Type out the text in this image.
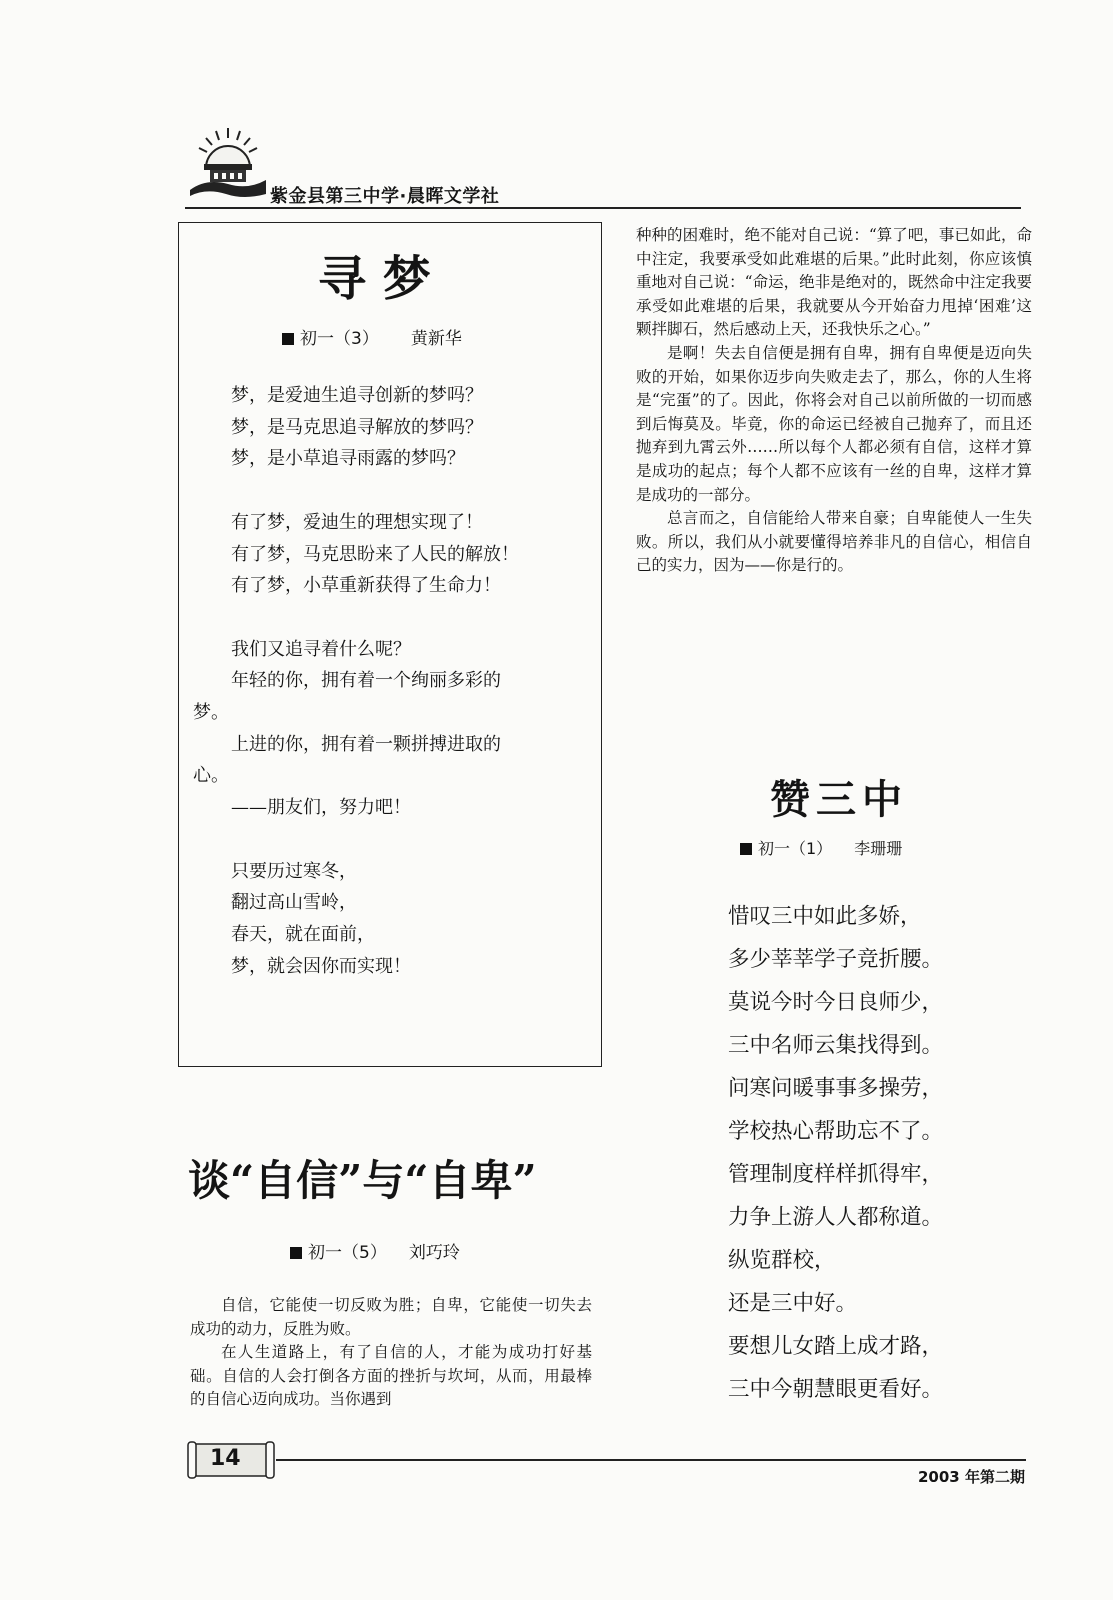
紫金县第三中学·晨晖文学社
寻 梦
初一（3） 黄新华

梦，是爱迪生追寻创新的梦吗？

梦，是马克思追寻解放的梦吗？

梦，是小草追寻雨露的梦吗？

有了梦，爱迪生的理想实现了！

有了梦，马克思盼来了人民的解放！

有了梦，小草重新获得了生命力！

我们又追寻着什么呢？

年轻的你，拥有着一个绚丽多彩的

梦。

上进的你，拥有着一颗拼搏进取的

心。

——朋友们，努力吧！

只要历过寒冬，

翻过高山雪岭，

春天，就在面前，

梦，就会因你而实现！

谈“自信”与“自卑”
初一（5） 刘巧玲

自信，它能使一切反败为胜；自卑，它能使一切失去成功的动力，反胜为败。

在人生道路上，有了自信的人，才能为成功打好基础。自信的人会打倒各方面的挫折与坎坷，从而，用最棒的自信心迈向成功。当你遇到

种种的困难时，绝不能对自己说：“算了吧，事已如此，命中注定，我要承受如此难堪的后果。”此时此刻，你应该慎重地对自己说：“命运，绝非是绝对的，既然命中注定我要承受如此难堪的后果，我就要从今开始奋力甩掉‘困难’这颗拌脚石，然后感动上天，还我快乐之心。”

是啊！失去自信便是拥有自卑，拥有自卑便是迈向失败的开始，如果你迈步向失败走去了，那么，你的人生将是“完蛋”的了。因此，你将会对自己以前所做的一切而感到后悔莫及。毕竟，你的命运已经被自己抛弃了，而且还抛弃到九霄云外……所以每个人都必须有自信，这样才算是成功的起点；每个人都不应该有一丝的自卑，这样才算是成功的一部分。

总言而之，自信能给人带来自豪；自卑能使人一生失败。所以，我们从小就要懂得培养非凡的自信心，相信自己的实力，因为——你是行的。

赞三中
初一（1） 李珊珊
惜叹三中如此多娇，
多少莘莘学子竞折腰。
莫说今时今日良师少，
三中名师云集找得到。
问寒问暖事事多操劳，
学校热心帮助忘不了。
管理制度样样抓得牢，
力争上游人人都称道。
纵览群校，
还是三中好。
要想儿女踏上成才路，
三中今朝慧眼更看好。
14
2003 年第二期
